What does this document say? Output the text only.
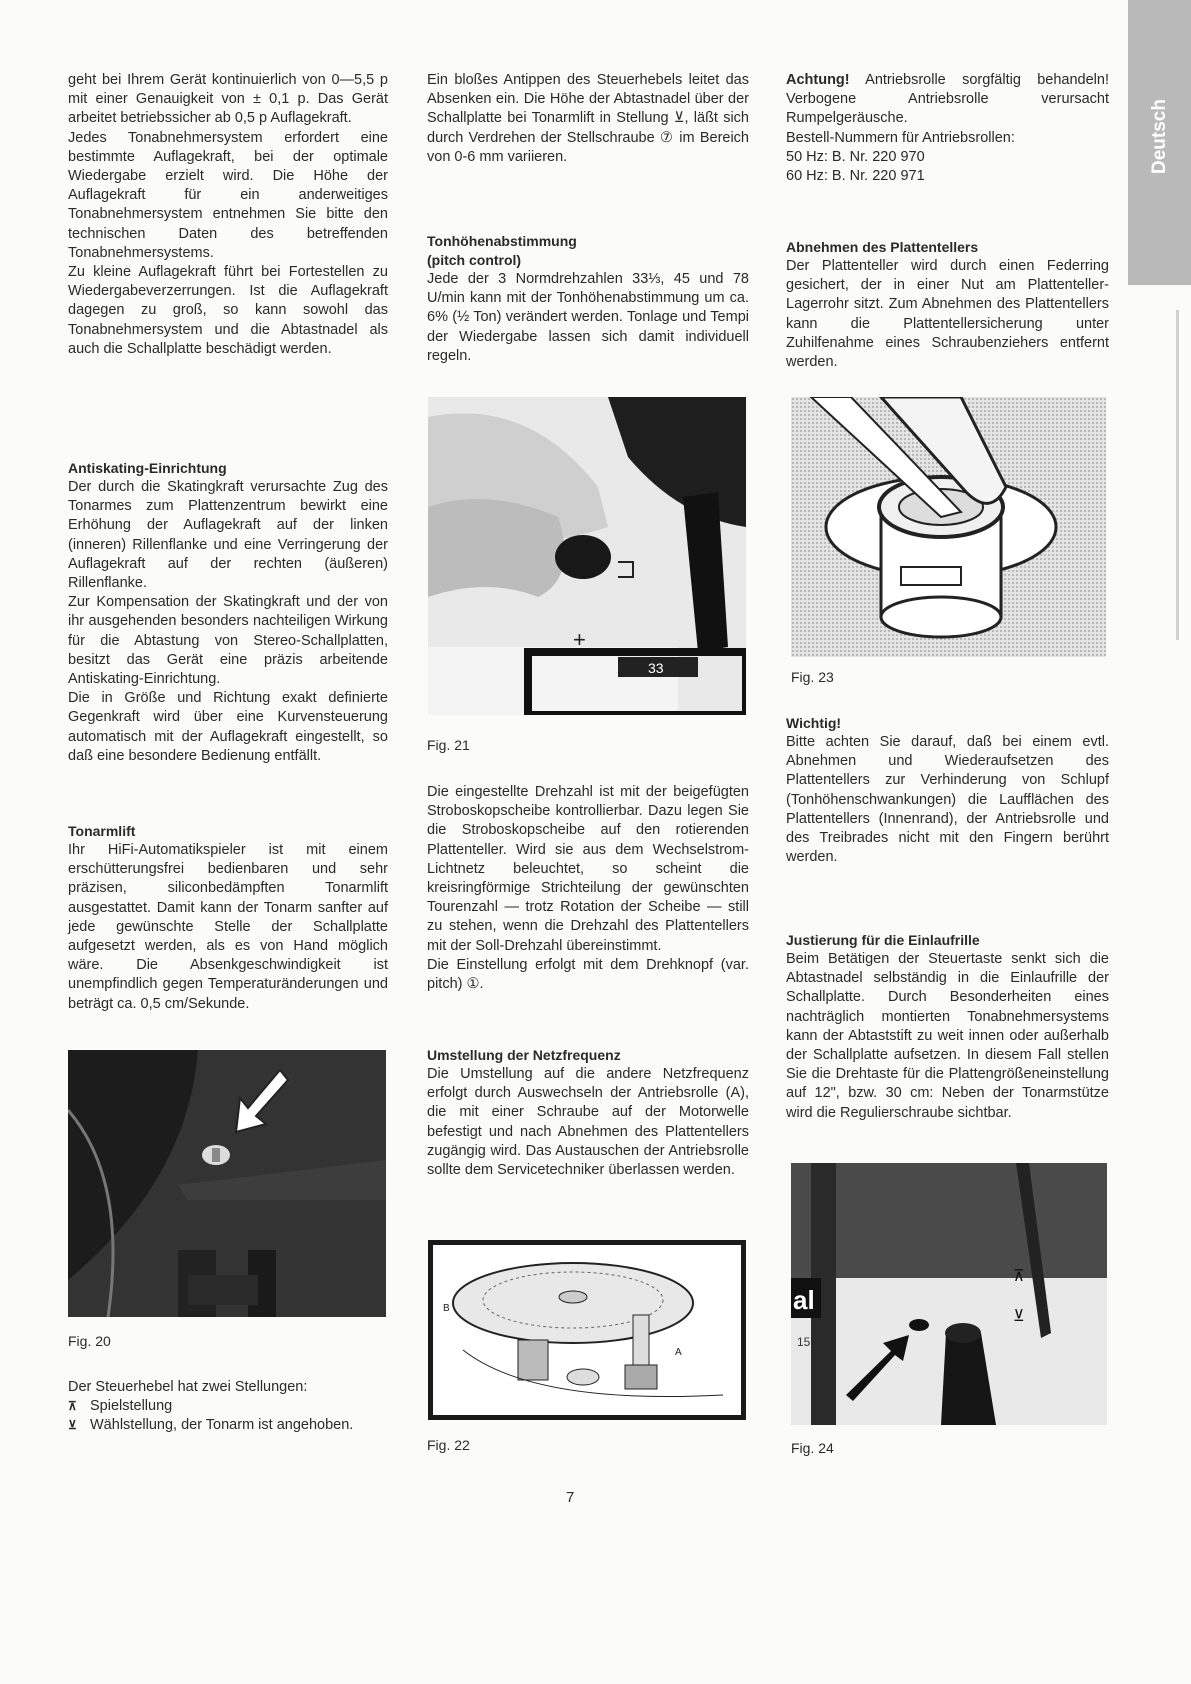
Deutsch

geht bei Ihrem Gerät kontinuierlich von 0—5,5 p mit einer Genauigkeit von ± 0,1 p. Das Gerät arbeitet betriebssicher ab 0,5 p Auflagekraft.

Jedes Tonabnehmersystem erfordert eine bestimmte Auflagekraft, bei der optimale Wiedergabe erzielt wird. Die Höhe der Auflagekraft für ein anderweitiges Tonabnehmersystem entnehmen Sie bitte den technischen Daten des betreffenden Tonabnehmersystems.

Zu kleine Auflagekraft führt bei Fortestellen zu Wiedergabeverzerrungen. Ist die Auflagekraft dagegen zu groß, so kann sowohl das Tonabnehmersystem und die Abtastnadel als auch die Schallplatte beschädigt werden.

Antiskating-Einrichtung

Der durch die Skatingkraft verursachte Zug des Tonarmes zum Plattenzentrum bewirkt eine Erhöhung der Auflagekraft auf der linken (inneren) Rillenflanke und eine Verringerung der Auflagekraft auf der rechten (äußeren) Rillenflanke.

Zur Kompensation der Skatingkraft und der von ihr ausgehenden besonders nachteiligen Wirkung für die Abtastung von Stereo-Schallplatten, besitzt das Gerät eine präzis arbeitende Antiskating-Einrichtung.

Die in Größe und Richtung exakt definierte Gegenkraft wird über eine Kurvensteuerung automatisch mit der Auflagekraft eingestellt, so daß eine besondere Bedienung entfällt.

Tonarmlift

Ihr HiFi-Automatikspieler ist mit einem erschütterungsfrei bedienbaren und sehr präzisen, siliconbedämpften Tonarmlift ausgestattet. Damit kann der Tonarm sanfter auf jede gewünschte Stelle der Schallplatte aufgesetzt werden, als es von Hand möglich wäre. Die Absenkgeschwindigkeit ist unempfindlich gegen Temperaturänderungen und beträgt ca. 0,5 cm/Sekunde.

Fig. 20

Der Steuerhebel hat zwei Stellungen:

⊼ Spielstellung

⊻ Wählstellung, der Tonarm ist angehoben.

Ein bloßes Antippen des Steuerhebels leitet das Absenken ein. Die Höhe der Abtastnadel über der Schallplatte bei Tonarmlift in Stellung ⊻, läßt sich durch Verdrehen der Stellschraube ⑦ im Bereich von 0-6 mm variieren.

Tonhöhenabstimmung
(pitch control)

Jede der 3 Normdrehzahlen 33⅓, 45 und 78 U/min kann mit der Tonhöhenabstimmung um ca. 6% (½ Ton) verändert werden. Tonlage und Tempi der Wiedergabe lassen sich damit individuell regeln.

33
+
Fig. 21

Die eingestellte Drehzahl ist mit der beigefügten Stroboskopscheibe kontrollierbar. Dazu legen Sie die Stroboskopscheibe auf den rotierenden Plattenteller. Wird sie aus dem Wechselstrom-Lichtnetz beleuchtet, so scheint die kreisringförmige Strichteilung der gewünschten Tourenzahl — trotz Rotation der Scheibe — still zu stehen, wenn die Drehzahl des Plattentellers mit der Soll-Drehzahl übereinstimmt.

Die Einstellung erfolgt mit dem Drehknopf (var. pitch) ①.

Umstellung der Netzfrequenz

Die Umstellung auf die andere Netzfrequenz erfolgt durch Auswechseln der Antriebsrolle (A), die mit einer Schraube auf der Motorwelle befestigt und nach Abnehmen des Plattentellers zugängig wird. Das Austauschen der Antriebsrolle sollte dem Servicetechniker überlassen werden.

B
A
Fig. 22

Achtung! Antriebsrolle sorgfältig behandeln! Verbogene Antriebsrolle verursacht Rumpelgeräusche.

Bestell-Nummern für Antriebsrollen:

50 Hz: B. Nr. 220 970

60 Hz: B. Nr. 220 971

Abnehmen des Plattentellers

Der Plattenteller wird durch einen Federring gesichert, der in einer Nut am Plattenteller-Lagerrohr sitzt. Zum Abnehmen des Plattentellers kann die Plattentellersicherung unter Zuhilfenahme eines Schraubenziehers entfernt werden.

Fig. 23
Wichtig!

Bitte achten Sie darauf, daß bei einem evtl. Abnehmen und Wiederaufsetzen des Plattentellers zur Verhinderung von Schlupf (Tonhöhenschwankungen) die Laufflächen des Plattentellers (Innenrand), der Antriebsrolle und des Treibrades nicht mit den Fingern berührt werden.

Justierung für die Einlaufrille

Beim Betätigen der Steuertaste senkt sich die Abtastnadel selbständig in die Einlaufrille der Schallplatte. Durch Besonderheiten eines nachträglich montierten Tonabnehmersystems kann der Abtaststift zu weit innen oder außerhalb der Schallplatte aufsetzen. In diesem Fall stellen Sie die Drehtaste für die Plattengrößeneinstellung auf 12", bzw. 30 cm: Neben der Tonarmstütze wird die Regulierschraube sichtbar.

al
15
⊼
⊻
Fig. 24
7
